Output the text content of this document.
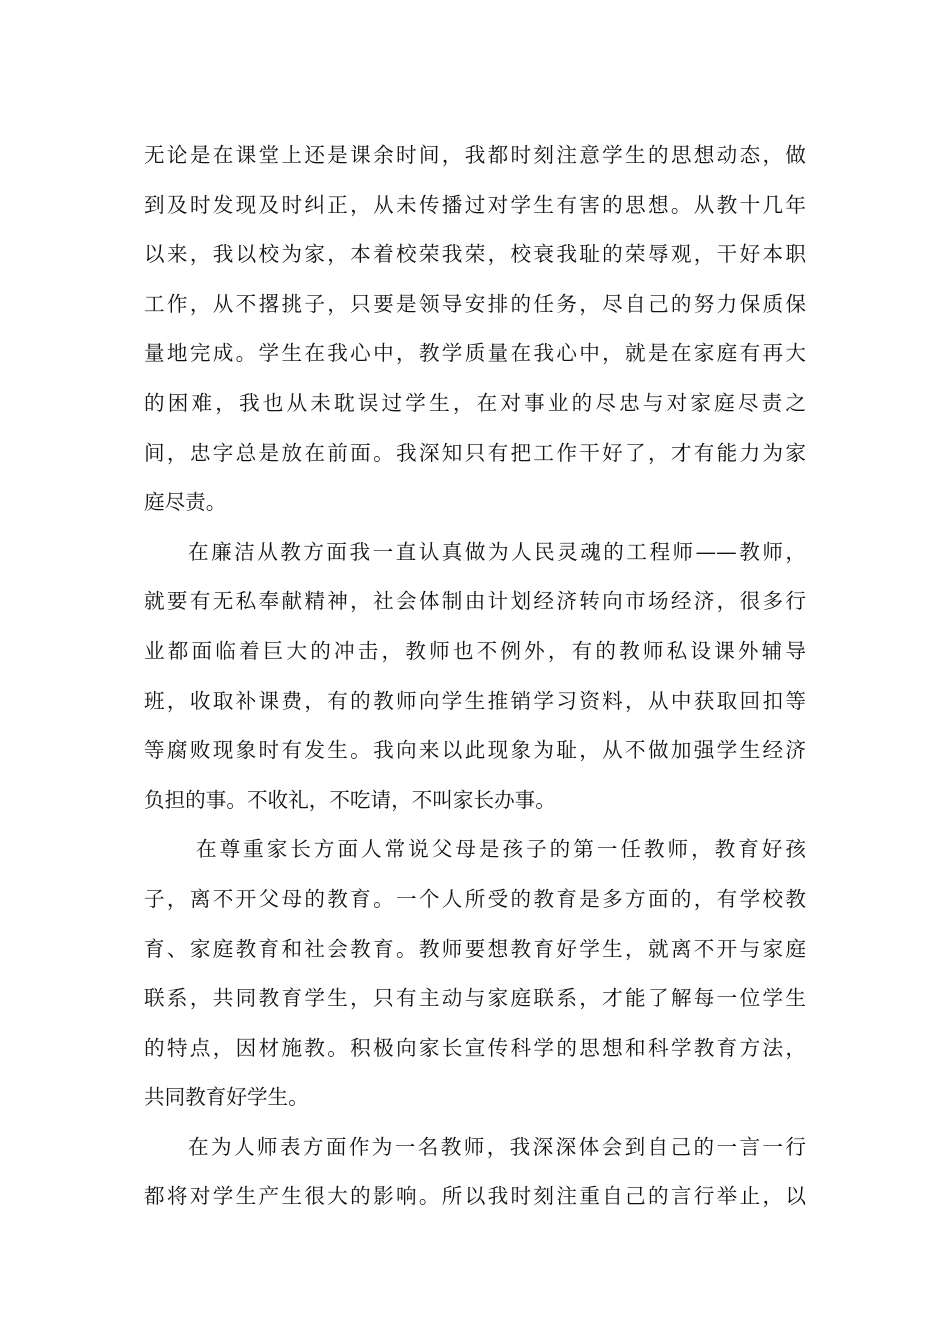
无论是在课堂上还是课余时间，我都时刻注意学生的思想动态，做
到及时发现及时纠正，从未传播过对学生有害的思想。从教十几年
以来，我以校为家，本着校荣我荣，校衰我耻的荣辱观，干好本职
工作，从不撂挑子，只要是领导安排的任务，尽自己的努力保质保
量地完成。学生在我心中，教学质量在我心中，就是在家庭有再大
的困难，我也从未耽误过学生，在对事业的尽忠与对家庭尽责之
间，忠字总是放在前面。我深知只有把工作干好了，才有能力为家
庭尽责。
在廉洁从教方面我一直认真做为人民灵魂的工程师——教师，
就要有无私奉献精神，社会体制由计划经济转向市场经济，很多行
业都面临着巨大的冲击，教师也不例外，有的教师私设课外辅导
班，收取补课费，有的教师向学生推销学习资料，从中获取回扣等
等腐败现象时有发生。我向来以此现象为耻，从不做加强学生经济
负担的事。不收礼，不吃请，不叫家长办事。
在尊重家长方面人常说父母是孩子的第一任教师，教育好孩
子，离不开父母的教育。一个人所受的教育是多方面的，有学校教
育、家庭教育和社会教育。教师要想教育好学生，就离不开与家庭
联系，共同教育学生，只有主动与家庭联系，才能了解每一位学生
的特点，因材施教。积极向家长宣传科学的思想和科学教育方法，
共同教育好学生。
在为人师表方面作为一名教师，我深深体会到自己的一言一行
都将对学生产生很大的影响。所以我时刻注重自己的言行举止，以
